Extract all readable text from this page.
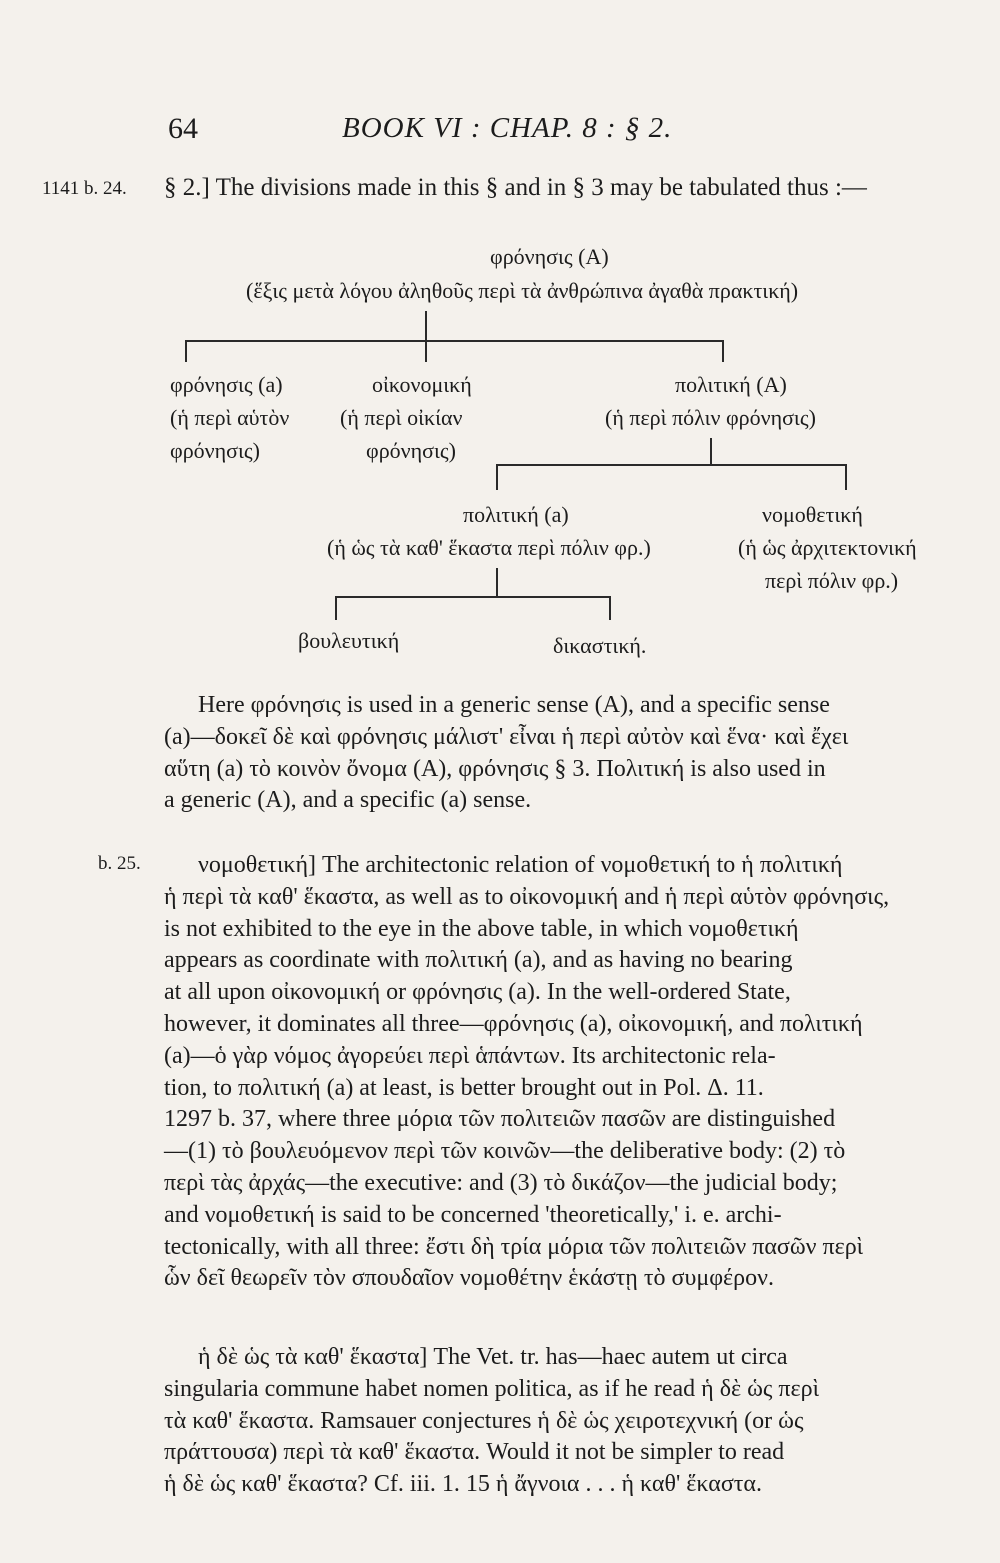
64	BOOK VI : CHAP. 8 : § 2.
1141 b. 24.
b. 25.
§ 2.] The divisions made in this § and in § 3 may be tabulated thus :—
φρόνησις (A)
(ἕξις μετὰ λόγου ἀληθοῦς περὶ τὰ ἀνθρώπινα ἀγαθὰ πρακτική)
φρόνησις (a)
(ἡ περὶ αὑτὸν
φρόνησις)
οἰκονομική
(ἡ περὶ οἰκίαν
φρόνησις)
πολιτική (A)
(ἡ περὶ πόλιν φρόνησις)
πολιτική (a)
(ἡ ὡς τὰ καθ' ἕκαστα περὶ πόλιν φρ.)
νομοθετική
(ἡ ὡς ἀρχιτεκτονική
περὶ πόλιν φρ.)
βουλευτική	δικαστική.
Here φρόνησις is used in a generic sense (A), and a specific sense
(a)—δοκεῖ δὲ καὶ φρόνησις μάλιστ' εἶναι ἡ περὶ αὐτὸν καὶ ἕνα· καὶ ἔχει
αὕτη (a) τὸ κοινὸν ὄνομα (A), φρόνησις § 3. Πολιτική is also used in
a generic (A), and a specific (a) sense.
νομοθετική] The architectonic relation of νομοθετική to ἡ πολιτική
ἡ περὶ τὰ καθ' ἕκαστα, as well as to οἰκονομική and ἡ περὶ αὑτὸν φρόνησις,
is not exhibited to the eye in the above table, in which νομοθετική
appears as coordinate with πολιτική (a), and as having no bearing
at all upon οἰκονομική or φρόνησις (a). In the well-ordered State,
however, it dominates all three—φρόνησις (a), οἰκονομική, and πολιτική
(a)—ὁ γὰρ νόμος ἀγορεύει περὶ ἁπάντων. Its architectonic rela-
tion, to πολιτική (a) at least, is better brought out in Pol. Δ. 11.
1297 b. 37, where three μόρια τῶν πολιτειῶν πασῶν are distinguished
—(1) τὸ βουλευόμενον περὶ τῶν κοινῶν—the deliberative body: (2) τὸ
περὶ τὰς ἀρχάς—the executive: and (3) τὸ δικάζον—the judicial body;
and νομοθετική is said to be concerned 'theoretically,' i. e. archi-
tectonically, with all three: ἔστι δὴ τρία μόρια τῶν πολιτειῶν πασῶν περὶ
ὧν δεῖ θεωρεῖν τὸν σπουδαῖον νομοθέτην ἑκάστῃ τὸ συμφέρον.
ἡ δὲ ὡς τὰ καθ' ἕκαστα] The Vet. tr. has—haec autem ut circa
singularia commune habet nomen politica, as if he read ἡ δὲ ὡς περὶ
τὰ καθ' ἕκαστα. Ramsauer conjectures ἡ δὲ ὡς χειροτεχνική (or ὡς
πράττουσα) περὶ τὰ καθ' ἕκαστα. Would it not be simpler to read
ἡ δὲ ὡς καθ' ἕκαστα? Cf. iii. 1. 15 ἡ ἄγνοια . . . ἡ καθ' ἕκαστα.
